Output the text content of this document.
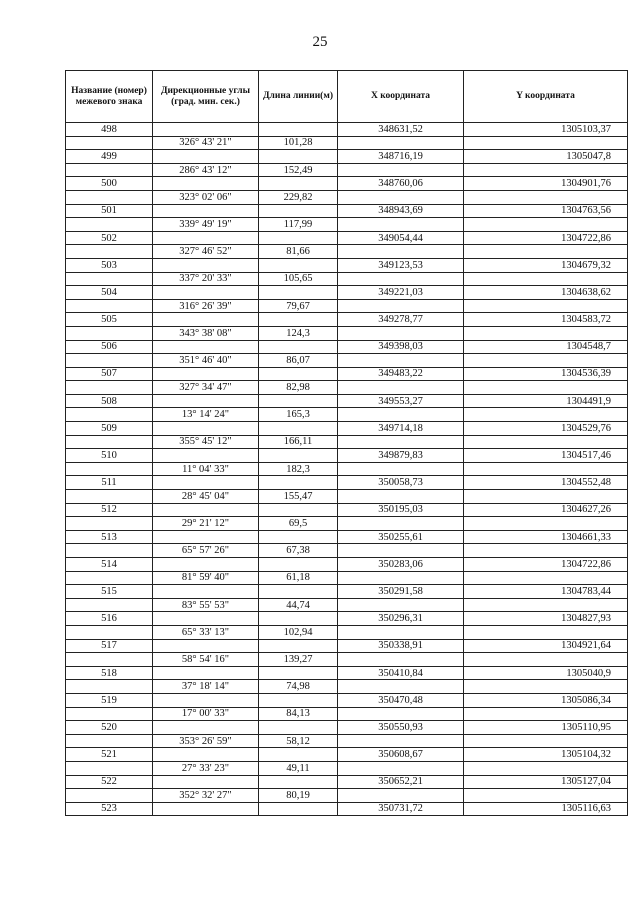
25
Название (номер) межевого знака	Дирекционные углы (град. мин. сек.)	Длина линии(м)	X координата	Y координата
498			348631,52	1305103,37
	326° 43' 21"	101,28		
499			348716,19	1305047,8
	286° 43' 12"	152,49		
500			348760,06	1304901,76
	323° 02' 06"	229,82		
501			348943,69	1304763,56
	339° 49' 19"	117,99		
502			349054,44	1304722,86
	327° 46' 52"	81,66		
503			349123,53	1304679,32
	337° 20' 33"	105,65		
504			349221,03	1304638,62
	316° 26' 39"	79,67		
505			349278,77	1304583,72
	343° 38' 08"	124,3		
506			349398,03	1304548,7
	351° 46' 40"	86,07		
507			349483,22	1304536,39
	327° 34' 47"	82,98		
508			349553,27	1304491,9
	13° 14' 24"	165,3		
509			349714,18	1304529,76
	355° 45' 12"	166,11		
510			349879,83	1304517,46
	11° 04' 33"	182,3		
511			350058,73	1304552,48
	28° 45' 04"	155,47		
512			350195,03	1304627,26
	29° 21' 12"	69,5		
513			350255,61	1304661,33
	65° 57' 26"	67,38		
514			350283,06	1304722,86
	81° 59' 40"	61,18		
515			350291,58	1304783,44
	83° 55' 53"	44,74		
516			350296,31	1304827,93
	65° 33' 13"	102,94		
517			350338,91	1304921,64
	58° 54' 16"	139,27		
518			350410,84	1305040,9
	37° 18' 14"	74,98		
519			350470,48	1305086,34
	17° 00' 33"	84,13		
520			350550,93	1305110,95
	353° 26' 59"	58,12		
521			350608,67	1305104,32
	27° 33' 23"	49,11		
522			350652,21	1305127,04
	352° 32' 27"	80,19		
523			350731,72	1305116,63
